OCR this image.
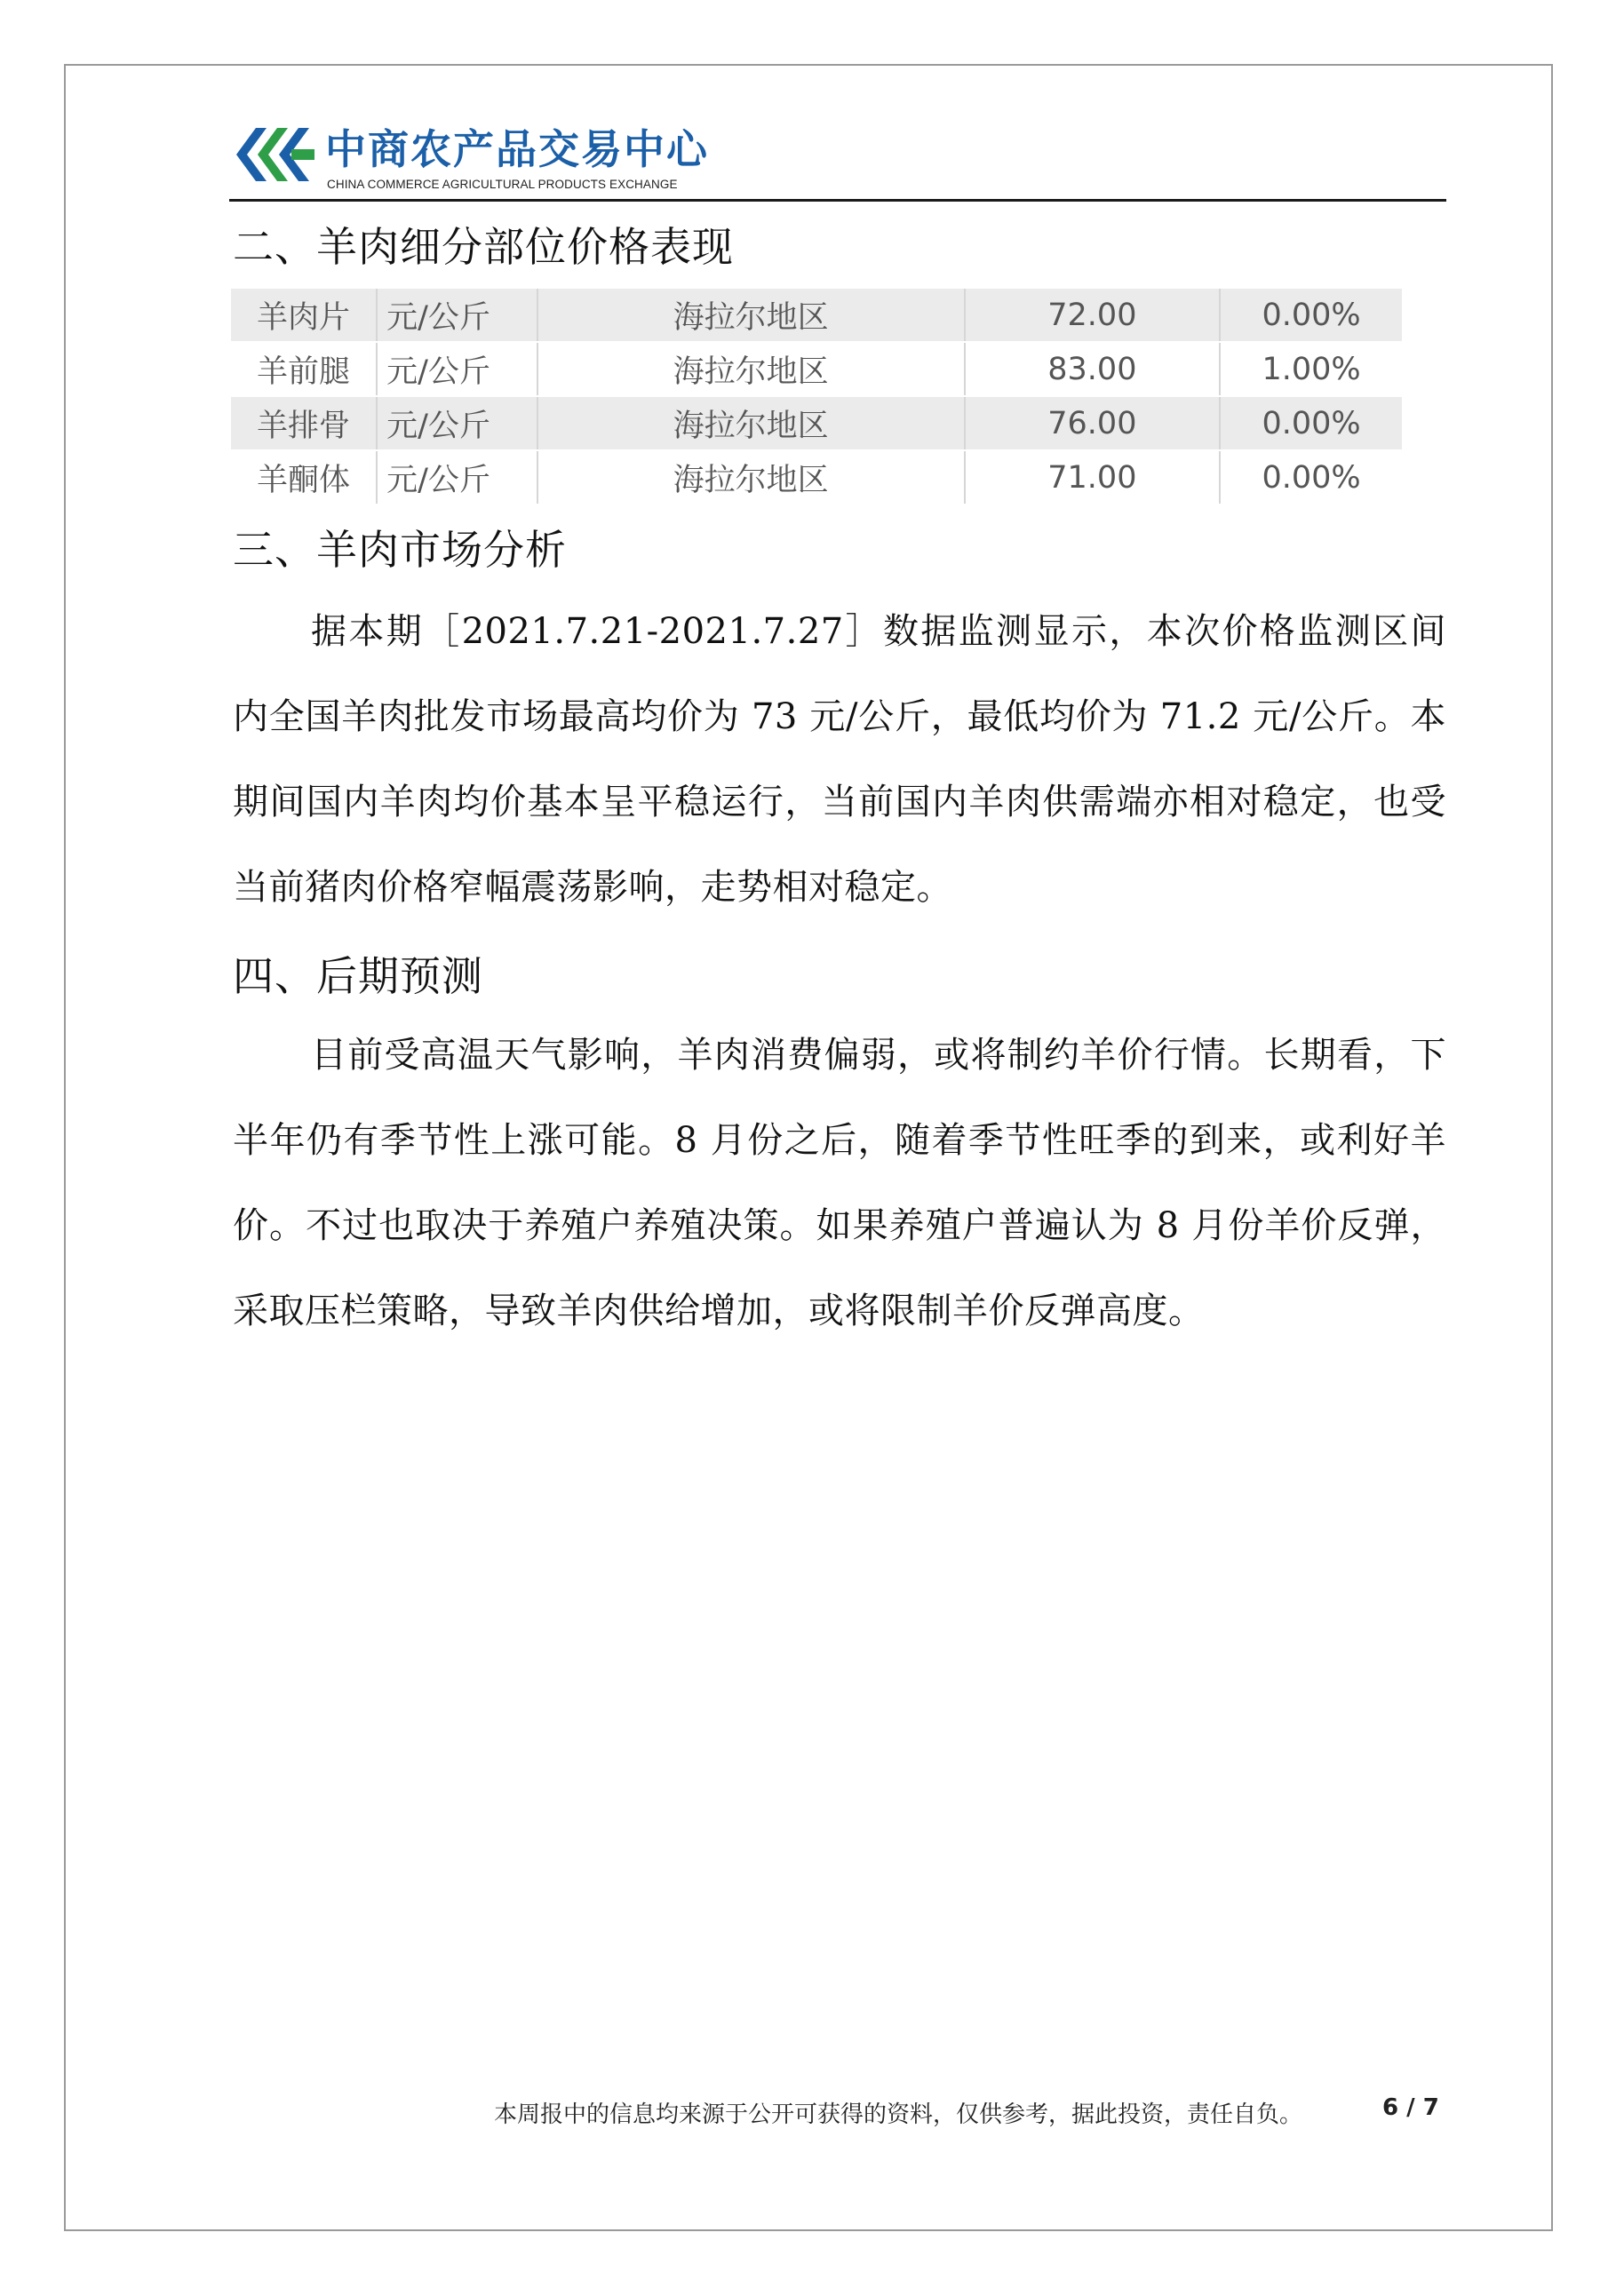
中商农产品交易中心
CHINA COMMERCE AGRICULTURAL PRODUCTS EXCHANGE
二、羊肉细分部位价格表现
羊肉片	元/公斤	海拉尔地区	72.00	0.00%
羊前腿	元/公斤	海拉尔地区	83.00	1.00%
羊排骨	元/公斤	海拉尔地区	76.00	0.00%
羊酮体	元/公斤	海拉尔地区	71.00	0.00%
三、羊肉市场分析

据本期［2021.7.21-2021.7.27］数据监测显示，本次价格监测区间内全国羊肉批发市场最高均价为 73 元/公斤，最低均价为 71.2 元/公斤。本期间国内羊肉均价基本呈平稳运行，当前国内羊肉供需端亦相对稳定，也受当前猪肉价格窄幅震荡影响，走势相对稳定。

四、后期预测

目前受高温天气影响，羊肉消费偏弱，或将制约羊价行情。长期看，下半年仍有季节性上涨可能。8 月份之后，随着季节性旺季的到来，或利好羊价。不过也取决于养殖户养殖决策。如果养殖户普遍认为 8 月份羊价反弹，采取压栏策略，导致羊肉供给增加，或将限制羊价反弹高度。

本周报中的信息均来源于公开可获得的资料，仅供参考，据此投资，责任自负。	6 / 7
